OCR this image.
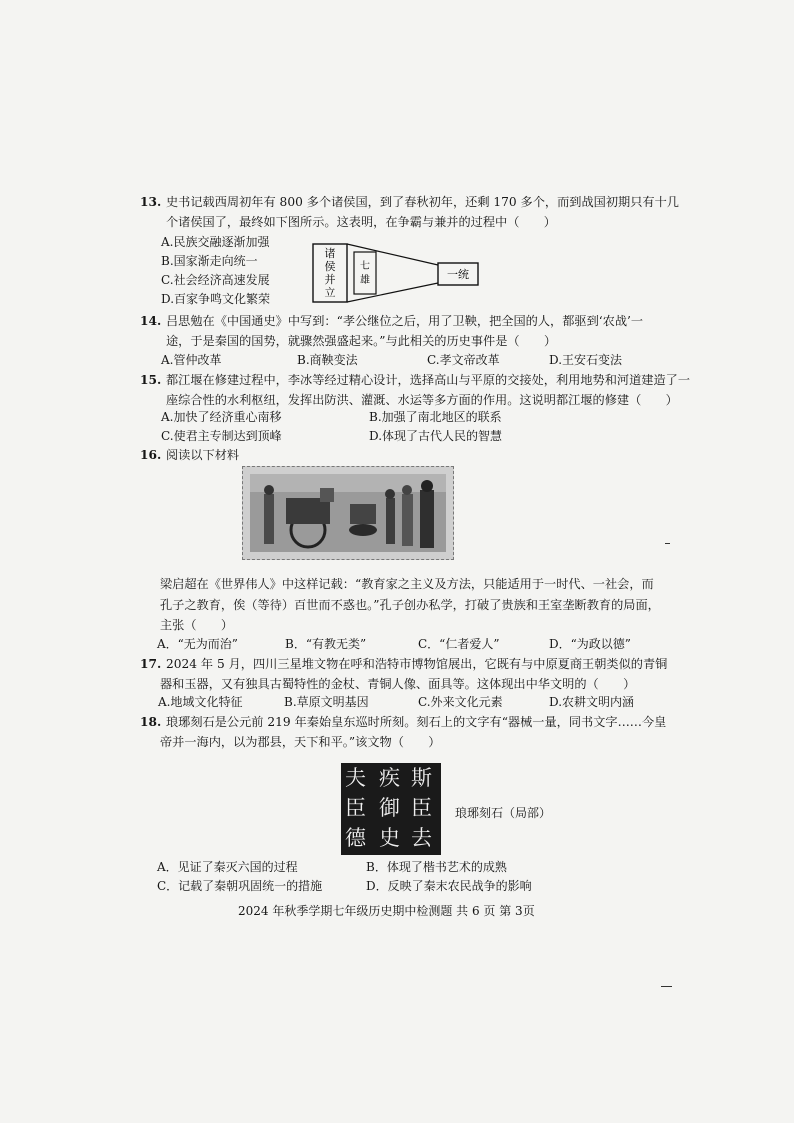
13. 史书记载西周初年有 800 多个诸侯国，到了春秋初年，还剩 170 多个，而到战国初期只有十几
个诸侯国了，最终如下图所示。这表明，在争霸与兼并的过程中（　　）
A.民族交融逐渐加强
B.国家渐走向统一
C.社会经济高速发展
D.百家争鸣文化繁荣
诸
侯
并
立
七
雄	一统
14. 吕思勉在《中国通史》中写到：“孝公继位之后，用了卫鞅，把全国的人，都驱到‘农战’一
途，于是秦国的国势，就骤然强盛起来。”与此相关的历史事件是（　　）
A.管仲改革	B.商鞅变法	C.孝文帝改革	D.王安石变法
15. 都江堰在修建过程中，李冰等经过精心设计，选择高山与平原的交接处，利用地势和河道建造了一
座综合性的水利枢纽，发挥出防洪、灌溉、水运等多方面的作用。这说明都江堰的修建（　　）
A.加快了经济重心南移	B.加强了南北地区的联系
C.使君主专制达到顶峰	D.体现了古代人民的智慧
16. 阅读以下材料
梁启超在《世界伟人》中这样记载：“教育家之主义及方法，只能适用于一时代、一社会，而
孔子之教育，俟（等待）百世而不惑也。”孔子创办私学，打破了贵族和王室垄断教育的局面，
主张（　　）
A．“无为而治”	B．“有教无类”	C．“仁者爱人”	D．“为政以德”
17. 2024 年 5 月，四川三星堆文物在呼和浩特市博物馆展出，它既有与中原夏商王朝类似的青铜
器和玉器，又有独具古蜀特性的金杖、青铜人像、面具等。这体现出中华文明的（　　）
A.地域文化特征	B.草原文明基因	C.外来文化元素	D.农耕文明内涵
18. 琅琊刻石是公元前 219 年秦始皇东巡时所刻。刻石上的文字有“器械一量，同书文字……今皇
帝并一海内，以为郡县，天下和平。”该文物（　　）
斯
臣
去
疾
御
史
夫
臣
德
琅琊刻石（局部）
A．见证了秦灭六国的过程	B．体现了楷书艺术的成熟
C．记载了秦朝巩固统一的措施	D．反映了秦末农民战争的影响
2024 年秋季学期七年级历史期中检测题 共 6 页 第 3页
